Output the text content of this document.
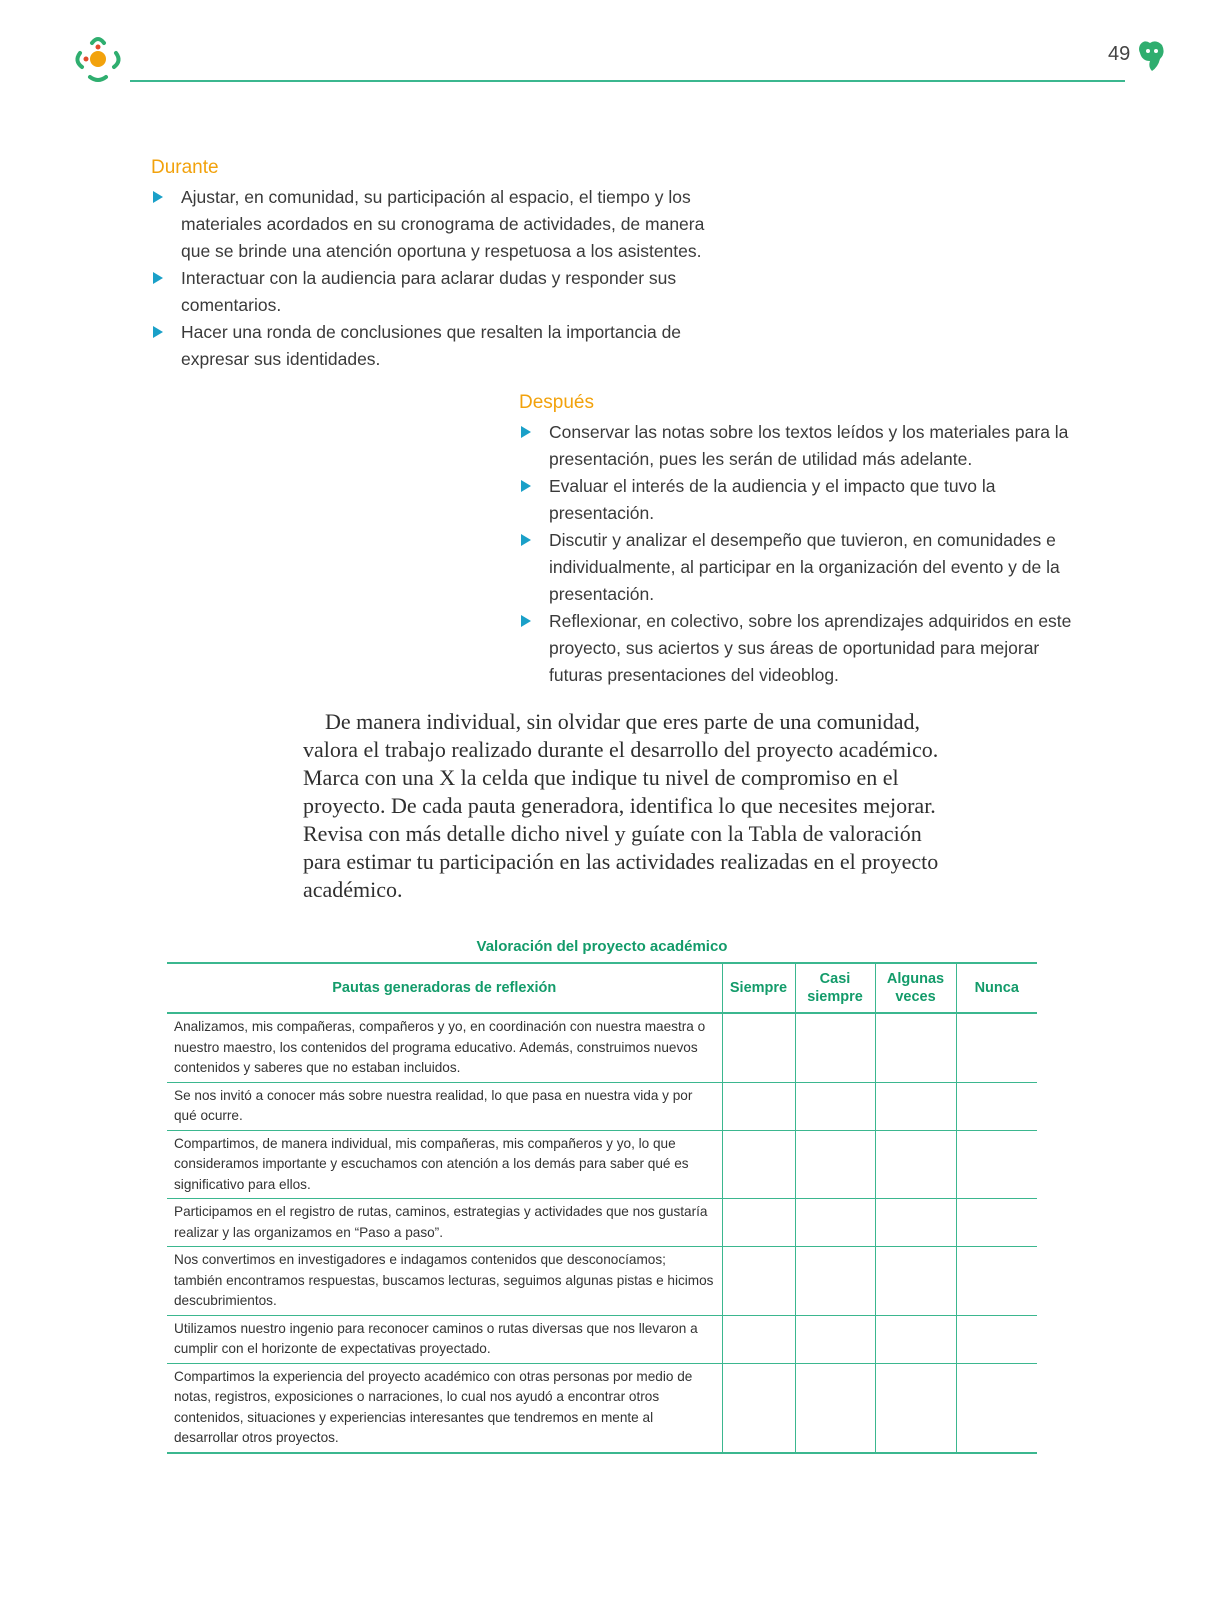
49
Durante
Ajustar, en comunidad, su participación al espacio, el tiempo y los materiales acordados en su cronograma de actividades, de manera que se brinde una atención oportuna y respetuosa a los asistentes.
Interactuar con la audiencia para aclarar dudas y responder sus comentarios.
Hacer una ronda de conclusiones que resalten la importancia de expresar sus identidades.
Después
Conservar las notas sobre los textos leídos y los materiales para la presentación, pues les serán de utilidad más adelante.
Evaluar el interés de la audiencia y el impacto que tuvo la presentación.
Discutir y analizar el desempeño que tuvieron, en comunidades e individualmente, al participar en la organización del evento y de la presentación.
Reflexionar, en colectivo, sobre los aprendizajes adquiridos en este proyecto, sus aciertos y sus áreas de oportunidad para mejorar futuras presentaciones del videoblog.

De manera individual, sin olvidar que eres parte de una comunidad, valora el trabajo realizado durante el desarrollo del proyecto académico. Marca con una X la celda que indique tu nivel de compromiso en el proyecto. De cada pauta generadora, identifica lo que necesites mejorar. Revisa con más detalle dicho nivel y guíate con la Tabla de valoración para estimar tu participación en las actividades realizadas en el proyecto académico.

Valoración del proyecto académico
Pautas generadoras de reflexión	Siempre	Casi siempre	Algunas veces	Nunca
Analizamos, mis compañeras, compañeros y yo, en coordinación con nuestra maestra o nuestro maestro, los contenidos del programa educativo. Además, construimos nuevos contenidos y saberes que no estaban incluidos.				
Se nos invitó a conocer más sobre nuestra realidad, lo que pasa en nuestra vida y por qué ocurre.				
Compartimos, de manera individual, mis compañeras, mis compañeros y yo, lo que consideramos importante y escuchamos con atención a los demás para saber qué es significativo para ellos.				
Participamos en el registro de rutas, caminos, estrategias y actividades que nos gustaría realizar y las organizamos en “Paso a paso”.				
Nos convertimos en investigadores e indagamos contenidos que desconocíamos; también encontramos respuestas, buscamos lecturas, seguimos algunas pistas e hicimos descubrimientos.				
Utilizamos nuestro ingenio para reconocer caminos o rutas diversas que nos llevaron a cumplir con el horizonte de expectativas proyectado.				
Compartimos la experiencia del proyecto académico con otras personas por medio de notas, registros, exposiciones o narraciones, lo cual nos ayudó a encontrar otros contenidos, situaciones y experiencias interesantes que tendremos en mente al desarrollar otros proyectos.				
